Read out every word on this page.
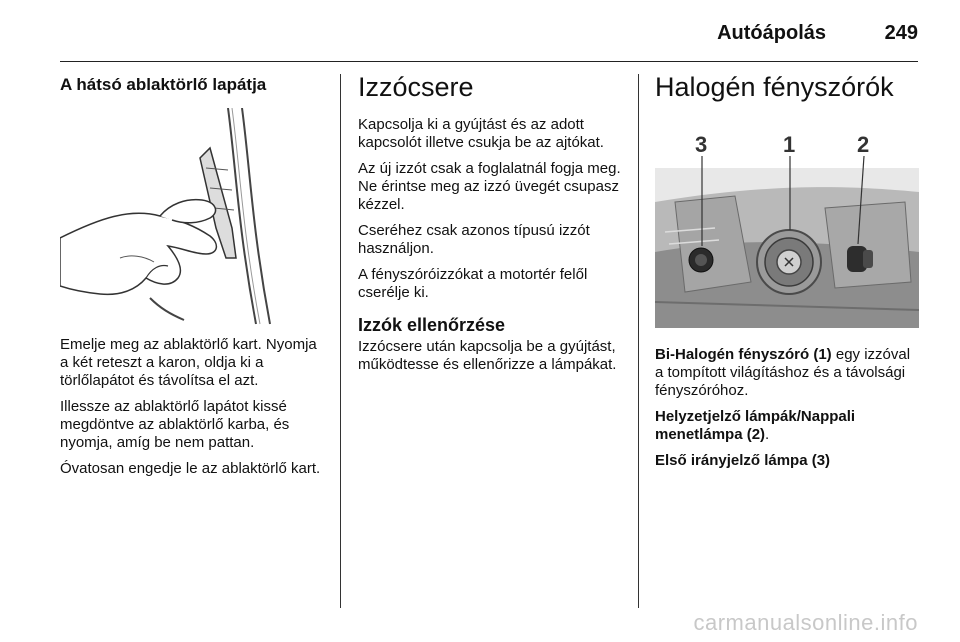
Autóápolás	249
A hátsó ablaktörlő lapátja

Emelje meg az ablaktörlő kart. Nyomja a két reteszt a karon, oldja ki a törlőlapátot és távolítsa el azt.

Illessze az ablaktörlő lapátot kissé megdöntve az ablaktörlő karba, és nyomja, amíg be nem pattan.

Óvatosan engedje le az ablaktörlő kart.

Izzócsere

Kapcsolja ki a gyújtást és az adott kapcsolót illetve csukja be az ajtókat.

Az új izzót csak a foglalatnál fogja meg. Ne érintse meg az izzó üvegét csupasz kézzel.

Cseréhez csak azonos típusú izzót használjon.

A fényszóróizzókat a motortér felől cserélje ki.

Izzók ellenőrzése

Izzócsere után kapcsolja be a gyújtást, működtesse és ellenőrizze a lámpákat.

Halogén fényszórók
3	1	2

Bi-Halogén fényszóró (1) egy izzóval a tompított világításhoz és a távolsági fényszóróhoz.

Helyzetjelző lámpák/Nappali menetlámpa (2).

Első irányjelző lámpa (3)

carmanualsonline.info
